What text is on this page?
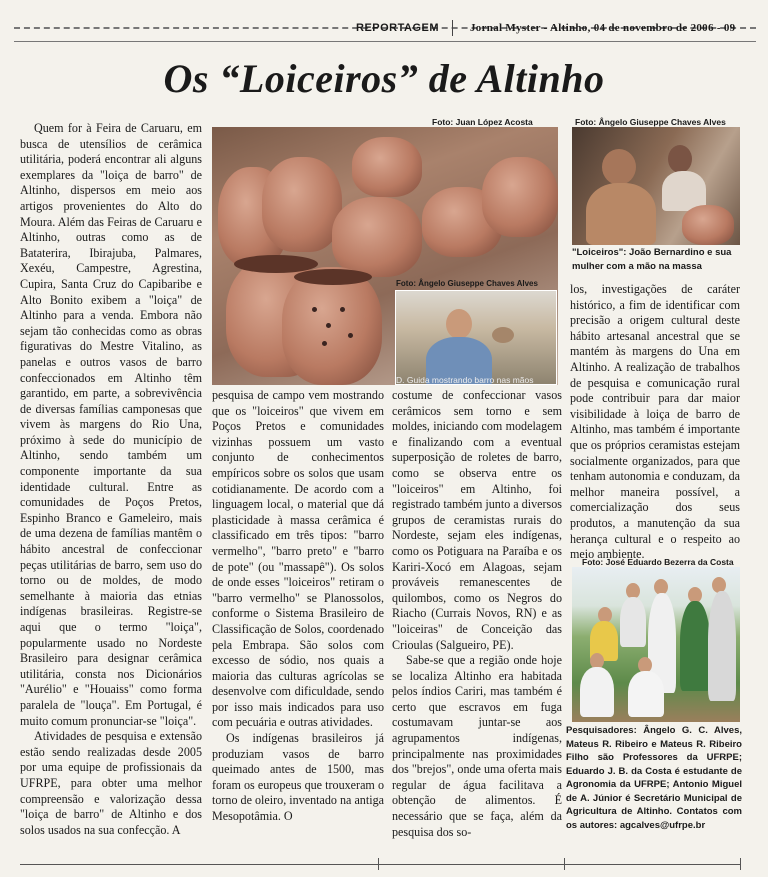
REPORTAGEM	Jornal Myster - Altinho, 04 de novembro de 2006 - 09
Os “Loiceiros” de Altinho

Quem for à Feira de Caruaru, em busca de utensílios de cerâmica utilitária, poderá encontrar ali alguns exemplares da "loiça de barro" de Altinho, dispersos em meio aos artigos provenientes do Alto do Moura. Além das Feiras de Caruaru e Altinho, outras como as de Bataterira, Ibirajuba, Palmares, Xexéu, Campestre, Agrestina, Cupira, Santa Cruz do Capibaribe e Alto Bonito exibem a "loiça" de Altinho para a venda. Embora não sejam tão conhecidas como as obras figurativas do Mestre Vitalino, as panelas e outros vasos de barro confeccionados em Altinho têm garantido, em parte, a sobrevivência de diversas famílias camponesas que vivem às margens do Rio Una, próximo à sede do município de Altinho, sendo também um componente importante da sua identidade cultural. Entre as comunidades de Poços Pretos, Espinho Branco e Gameleiro, mais de uma dezena de famílias mantêm o hábito ancestral de confeccionar peças utilitárias de barro, sem uso do torno ou de moldes, de modo semelhante à maioria das etnias indígenas brasileiras. Registre-se aqui que o termo "loiça", popularmente usado no Nordeste Brasileiro para designar cerâmica utilitária, consta nos Dicionários "Aurélio" e "Houaiss" como forma paralela de "louça". Em Portugal, é muito comum pronunciar-se "loiça".

Atividades de pesquisa e extensão estão sendo realizadas desde 2005 por uma equipe de profissionais da UFRPE, para obter uma melhor compreensão e valorização dessa "loiça de barro" de Altinho e dos solos usados na sua confecção. A

Foto: Juan López Acosta
Foto: Ângelo Giuseppe Chaves Alves
D. Guida mostrando barro nas mãos
Foto: Ângelo Giuseppe Chaves Alves
"Loiceiros": João Bernardino e sua mulher com a mão na massa

pesquisa de campo vem mostrando que os "loiceiros" que vivem em Poços Pretos e comunidades vizinhas possuem um vasto conjunto de conhecimentos empíricos sobre os solos que usam cotidianamente. De acordo com a linguagem local, o material que dá plasticidade à massa cerâmica é classificado em três tipos: "barro vermelho", "barro preto" e "barro de pote" (ou "massapê"). Os solos de onde esses "loiceiros" retiram o "barro vermelho" se Planossolos, conforme o Sistema Brasileiro de Classificação de Solos, coordenado pela Embrapa. São solos com excesso de sódio, nos quais a maioria das culturas agrícolas se desenvolve com dificuldade, sendo por isso mais indicados para uso com pecuária e outras atividades.

Os indígenas brasileiros já produziam vasos de barro queimado antes de 1500, mas foram os europeus que trouxeram o torno de oleiro, inventado na antiga Mesopotâmia. O

costume de confeccionar vasos cerâmicos sem torno e sem moldes, iniciando com modelagem e finalizando com a eventual superposição de roletes de barro, como se observa entre os "loiceiros" em Altinho, foi registrado também junto a diversos grupos de ceramistas rurais do Nordeste, sejam eles indígenas, como os Potiguara na Paraíba e os Kariri-Xocó em Alagoas, sejam prováveis remanescentes de quilombos, como os Negros do Riacho (Currais Novos, RN) e as "loiceiras" de Conceição das Crioulas (Salgueiro, PE).

Sabe-se que a região onde hoje se localiza Altinho era habitada pelos índios Cariri, mas também é certo que escravos em fuga costumavam juntar-se aos agrupamentos indígenas, principalmente nas proximidades dos "brejos", onde uma oferta mais regular de água facilitava a obtenção de alimentos. É necessário que se faça, além da pesquisa dos so-

los, investigações de caráter histórico, a fim de identificar com precisão a origem cultural deste hábito artesanal ancestral que se mantém às margens do Una em Altinho. A realização de trabalhos de pesquisa e comunicação rural pode contribuir para dar maior visibilidade à loiça de barro de Altinho, mas também é importante que os próprios ceramistas estejam socialmente organizados, para que tenham autonomia e conduzam, da melhor maneira possível, a comercialização dos seus produtos, a manutenção da sua herança cultural e o respeito ao meio ambiente.

Foto: José Eduardo Bezerra da Costa
Pesquisadores: Ângelo G. C. Alves, Mateus R. Ribeiro e Mateus R. Ribeiro Filho são Professores da UFRPE; Eduardo J. B. da Costa é estudante de Agronomia da UFRPE; Antonio Miguel de A. Júnior é Secretário Municipal de Agricultura de Altinho. Contatos com os autores: agcalves@ufrpe.br
